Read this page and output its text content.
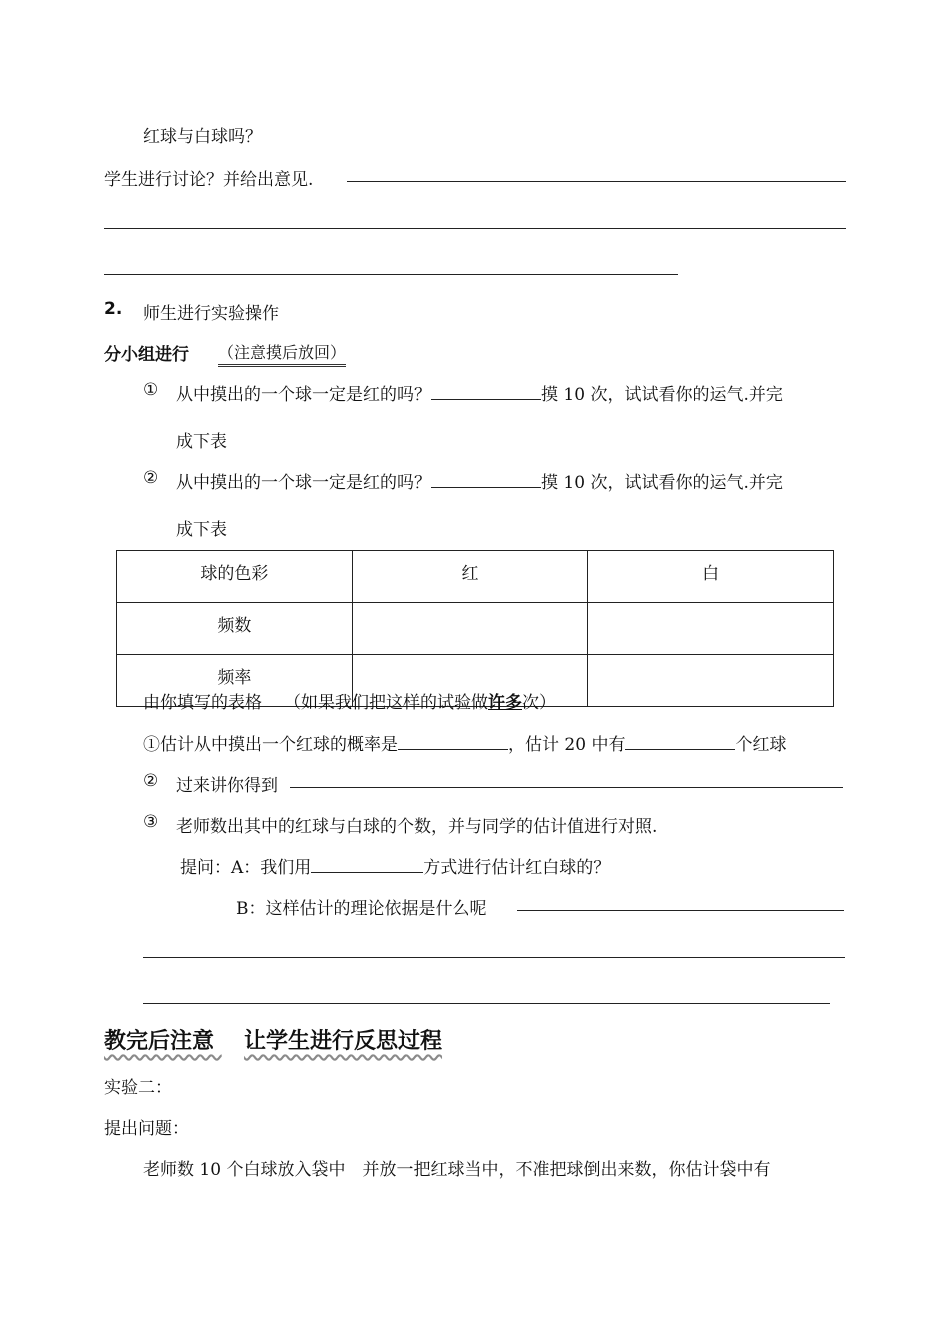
红球与白球吗？
学生进行讨论？并给出意见.
2. 师生进行实验操作
分小组进行 （注意摸后放回）
① 从中摸出的一个球一定是红的吗？	摸 10 次，试试看你的运气.并完
成下表
② 从中摸出的一个球一定是红的吗？	摸 10 次，试试看你的运气.并完
成下表
球的色彩	红	白
频数		
频率		
由你填写的表格 （如果我们把这样的试验做许多次）
①估计从中摸出一个红球的概率是	，估计 20 中有	个红球
② 过来讲你得到
③ 老师数出其中的红球与白球的个数，并与同学的估计值进行对照.
提问：A：我们用	方式进行估计红白球的？
B：这样估计的理论依据是什么呢
教完后注意 让学生进行反思过程
实验二：
提出问题：
老师数 10 个白球放入袋中　并放一把红球当中，不准把球倒出来数，你估计袋中有
